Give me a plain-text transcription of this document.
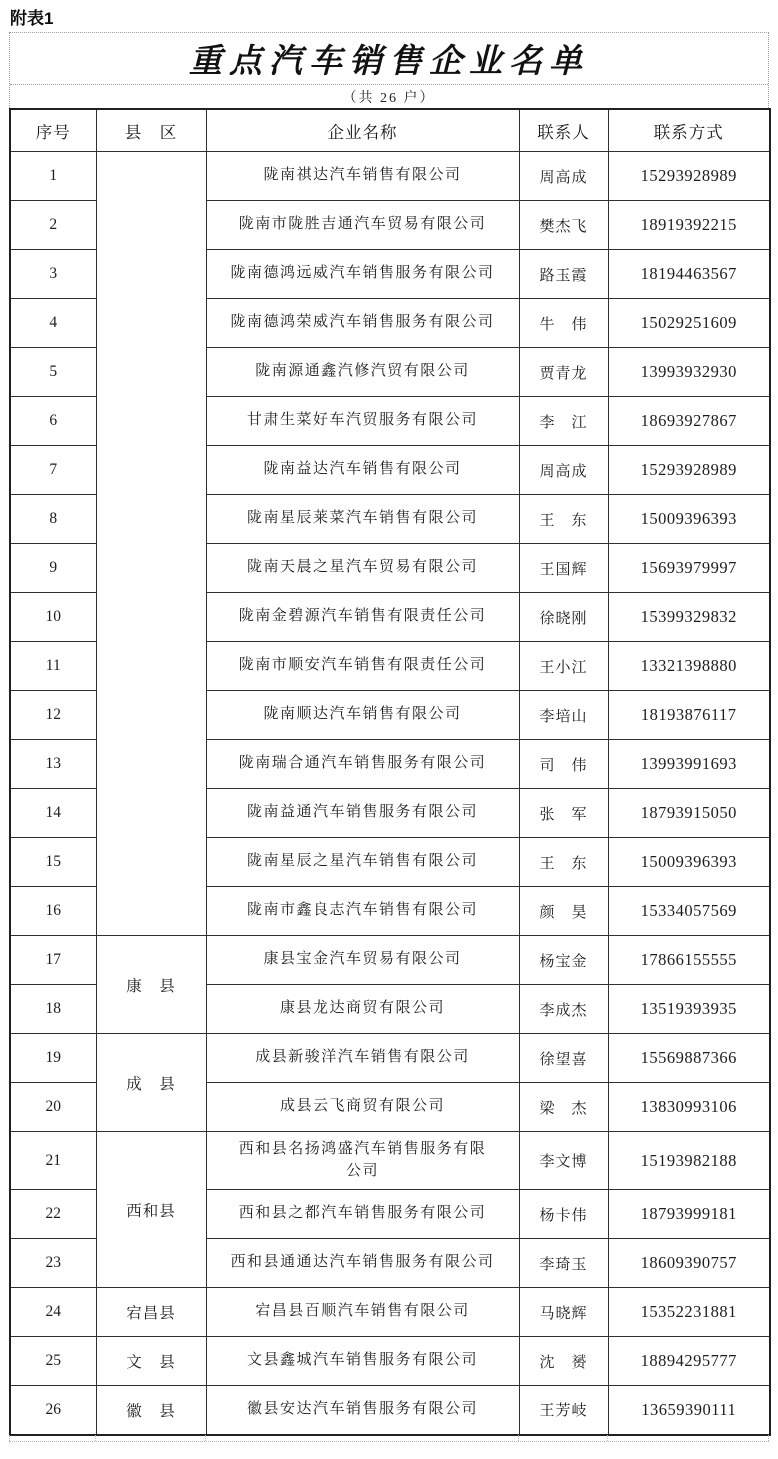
附表1
重点汽车销售企业名单
（共 26 户）
序号	县　区	企业名称	联系人	联系方式
1		陇南祺达汽车销售有限公司	周高成	15293928989
2		陇南市陇胜吉通汽车贸易有限公司	樊杰飞	18919392215
3		陇南德鸿远威汽车销售服务有限公司	路玉霞	18194463567
4		陇南德鸿荣威汽车销售服务有限公司	牛　伟	15029251609
5		陇南源通鑫汽修汽贸有限公司	贾青龙	13993932930
6		甘肃生菜好车汽贸服务有限公司	李　江	18693927867
7		陇南益达汽车销售有限公司	周高成	15293928989
8		陇南星辰莱菜汽车销售有限公司	王　东	15009396393
9		陇南天晨之星汽车贸易有限公司	王国辉	15693979997
10		陇南金碧源汽车销售有限责任公司	徐晓刚	15399329832
11		陇南市顺安汽车销售有限责任公司	王小江	13321398880
12		陇南顺达汽车销售有限公司	李培山	18193876117
13		陇南瑞合通汽车销售服务有限公司	司　伟	13993991693
14		陇南益通汽车销售服务有限公司	张　军	18793915050
15		陇南星辰之星汽车销售有限公司	王　东	15009396393
16		陇南市鑫良志汽车销售有限公司	颜　昊	15334057569
17	康　县	康县宝金汽车贸易有限公司	杨宝金	17866155555
18		康县龙达商贸有限公司	李成杰	13519393935
19	成　县	成县新骏洋汽车销售有限公司	徐望喜	15569887366
20		成县云飞商贸有限公司	梁　杰	13830993106
21	西和县	西和县名扬鸿盛汽车销售服务有限公司	李文博	15193982188
22		西和县之都汽车销售服务有限公司	杨卡伟	18793999181
23		西和县通通达汽车销售服务有限公司	李琦玉	18609390757
24	宕昌县	宕昌县百顺汽车销售有限公司	马晓辉	15352231881
25	文　县	文县鑫城汽车销售服务有限公司	沈　赟	18894295777
26	徽　县	徽县安达汽车销售服务有限公司	王芳岐	13659390111
